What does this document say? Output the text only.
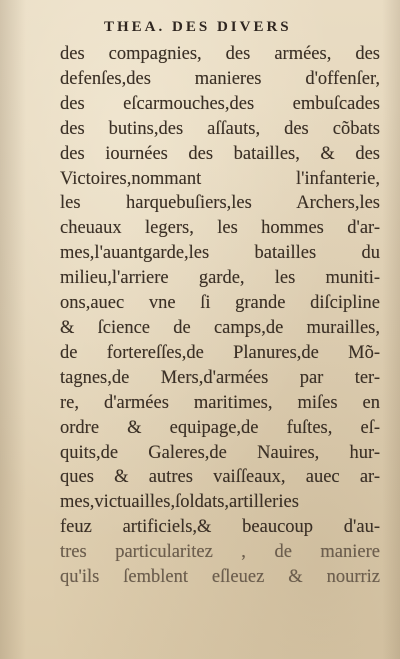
THEA. DES DIVERS
des compagnies, des armées, des
defenſes,des manieres d'offenſer,
des eſcarmouches,des embuſcades
des butins,des aſſauts, des cõbats
des iournées des batailles, & des
Victoires,nommant l'infanterie,
les harquebuſiers,les Archers,les
cheuaux legers, les hommes d'ar-
mes,l'auantgarde,les batailles du
milieu,l'arriere garde, les muniti-
ons,auec vne ſi grande diſcipline
& ſcience de camps,de murailles,
de fortereſſes,de Planures,de Mõ-
tagnes,de Mers,d'armées par ter-
re, d'armées maritimes, miſes en
ordre & equipage,de fuſtes, eſ-
quits,de Galeres,de Nauires, hur-
ques & autres vaiſſeaux, auec ar-
mes,victuailles,ſoldats,artilleries
feuz artificiels,& beaucoup d'au-
tres particularitez , de maniere
qu'ils ſemblent eſleuez & nourriz
